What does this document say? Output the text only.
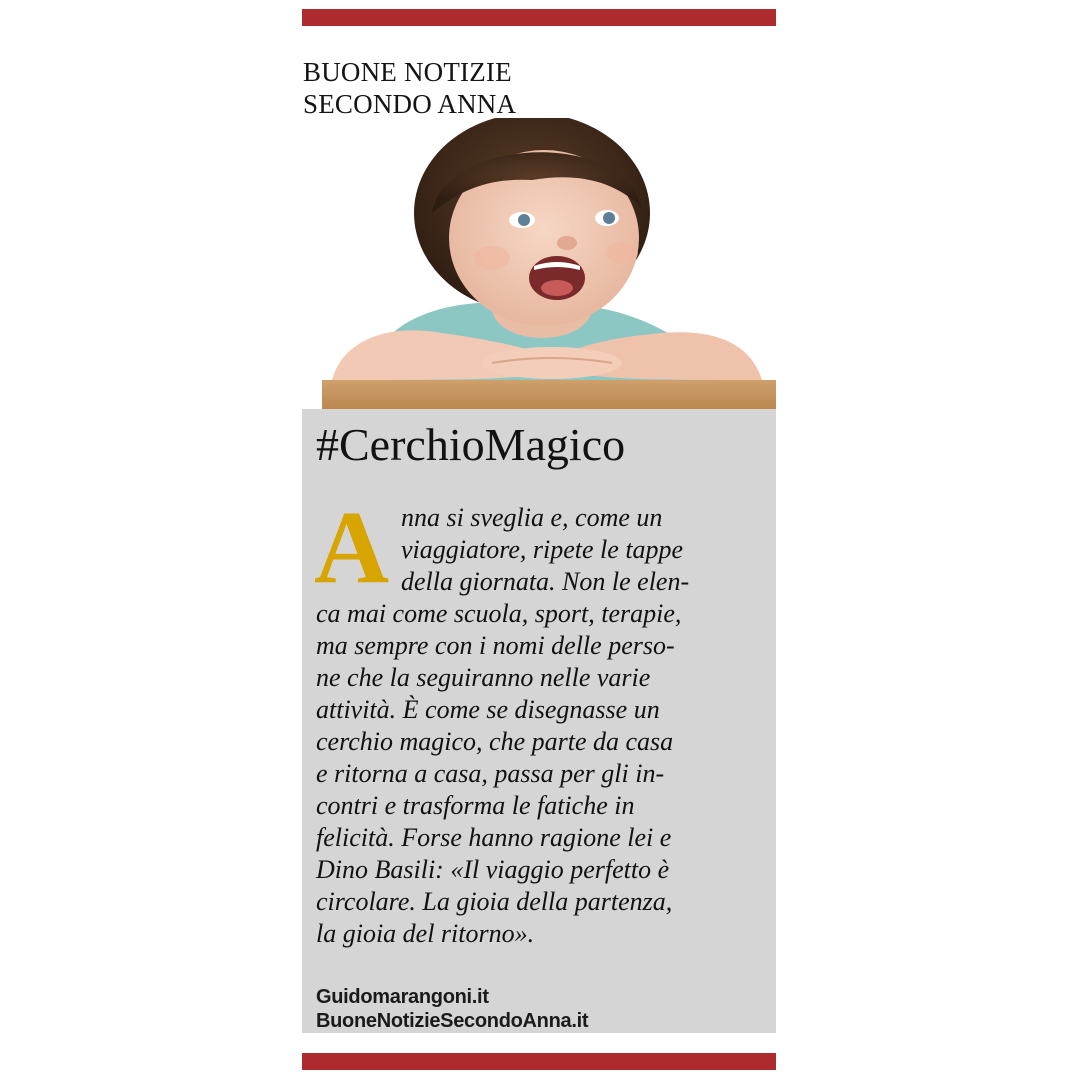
BUONE NOTIZIE
SECONDO ANNA
#CerchioMagico
A nna si sveglia e, come un
viaggiatore, ripete le tappe
della giornata. Non le elen-
ca mai come scuola, sport, terapie,
ma sempre con i nomi delle perso-
ne che la seguiranno nelle varie
attività. È come se disegnasse un
cerchio magico, che parte da casa
e ritorna a casa, passa per gli in-
contri e trasforma le fatiche in
felicità. Forse hanno ragione lei e
Dino Basili: «Il viaggio perfetto è
circolare. La gioia della partenza,
la gioia del ritorno».
Guidomarangoni.it
BuoneNotizieSecondoAnna.it
